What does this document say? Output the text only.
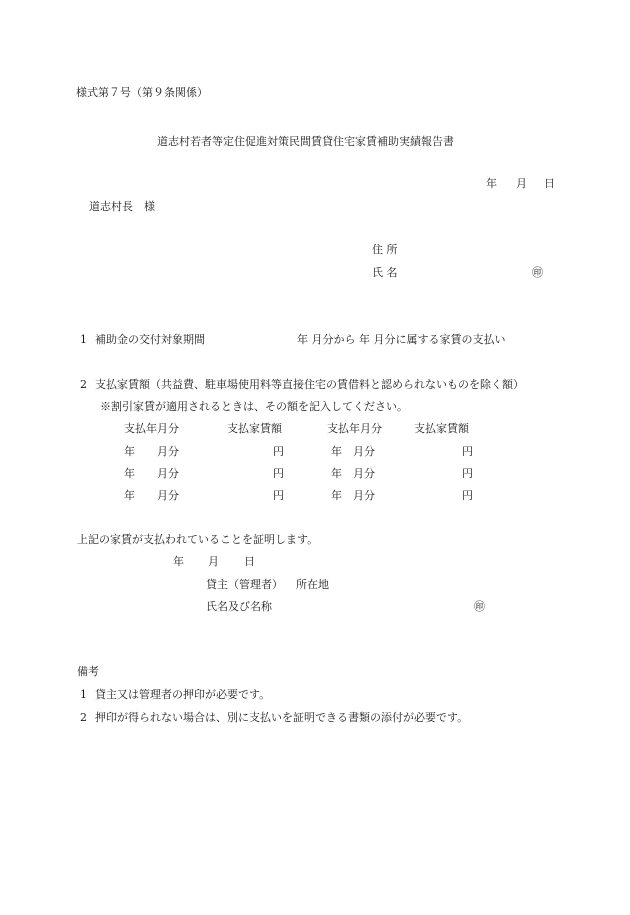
様式第７号（第９条関係）
道志村若者等定住促進対策民間賃貸住宅家賃補助実績報告書
年 月 日
道志村長　様
住 所
氏 名	㊞
1 補助金の交付対象期間	年 月分から 年 月分に属する家賃の支払い
2 支払家賃額（共益費、駐車場使用料等直接住宅の賃借料と認められないものを除く額）
※割引家賃が適用されるときは、その額を記入してください。
支払年月分	支払家賃額	支払年月分	支払家賃額
年　　月分	円	年　月分	円
年　　月分	円	年　月分	円
年　　月分	円	年　月分	円
上記の家賃が支払われていることを証明します。
年 月 日
貸主（管理者） 所在地
氏名及び名称	㊞
備考
1 貸主又は管理者の押印が必要です。
2 押印が得られない場合は、別に支払いを証明できる書類の添付が必要です。
